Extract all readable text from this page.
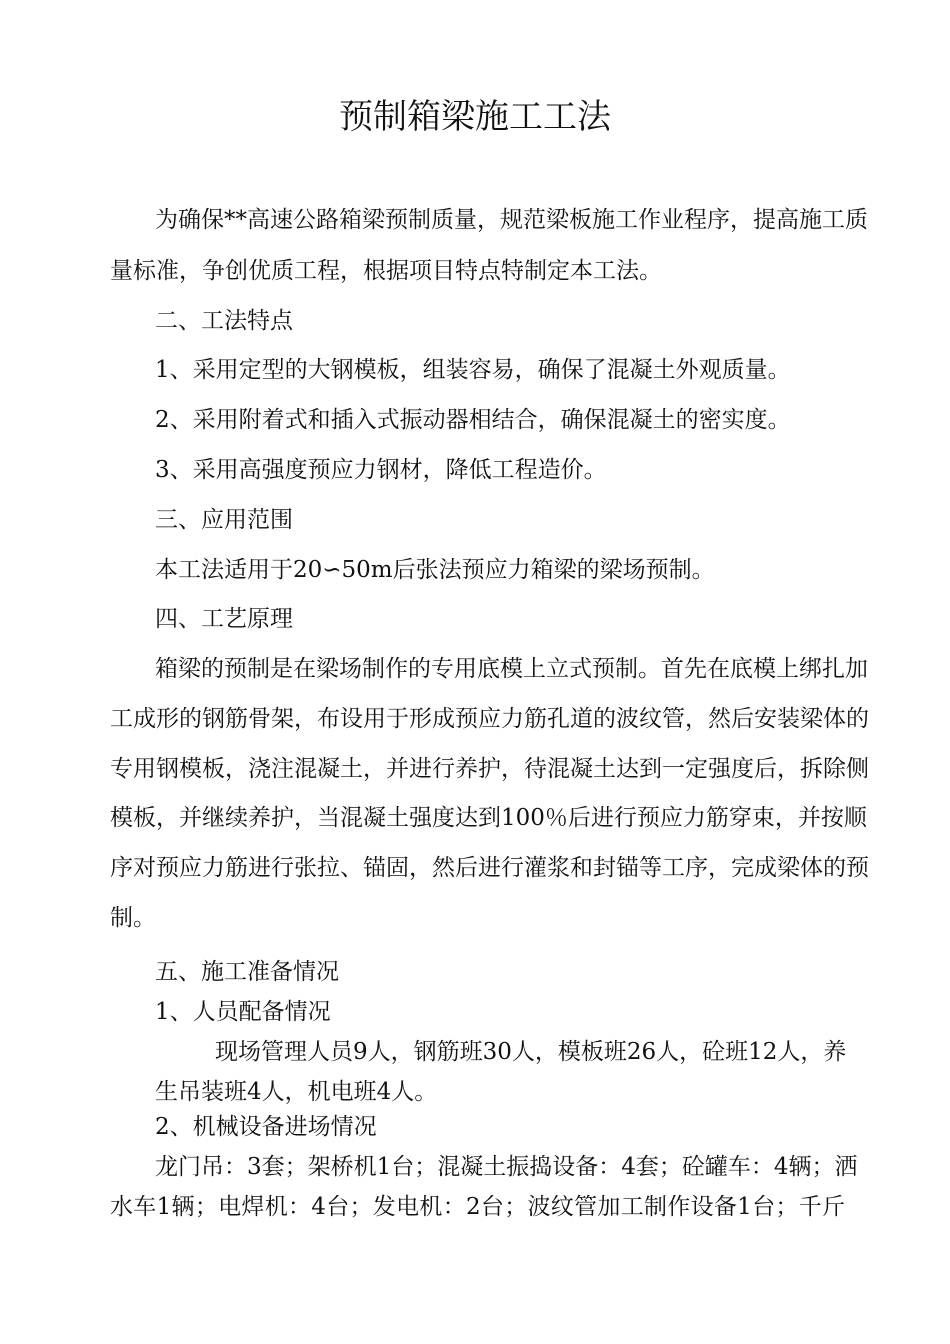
预制箱梁施工工法
为确保**高速公路箱梁预制质量，规范梁板施工作业程序，提高施工质
量标准，争创优质工程，根据项目特点特制定本工法。
二、工法特点
1、采用定型的大钢模板，组装容易，确保了混凝土外观质量。
2、采用附着式和插入式振动器相结合，确保混凝土的密实度。
3、采用高强度预应力钢材，降低工程造价。
三、应用范围
本工法适用于20∽50m后张法预应力箱梁的梁场预制。
四、工艺原理
箱梁的预制是在梁场制作的专用底模上立式预制。首先在底模上绑扎加
工成形的钢筋骨架，布设用于形成预应力筋孔道的波纹管，然后安装梁体的
专用钢模板，浇注混凝土，并进行养护，待混凝土达到一定强度后，拆除侧
模板，并继续养护，当混凝土强度达到100％后进行预应力筋穿束，并按顺
序对预应力筋进行张拉、锚固，然后进行灌浆和封锚等工序，完成梁体的预
制。
五、施工准备情况
1、人员配备情况
现场管理人员9人，钢筋班30人，模板班26人，砼班12人，养
生吊装班4人，机电班4人。
2、机械设备进场情况
龙门吊：3套；架桥机1台；混凝土振捣设备：4套；砼罐车：4辆；洒
水车1辆；电焊机：4台；发电机：2台；波纹管加工制作设备1台；千斤
